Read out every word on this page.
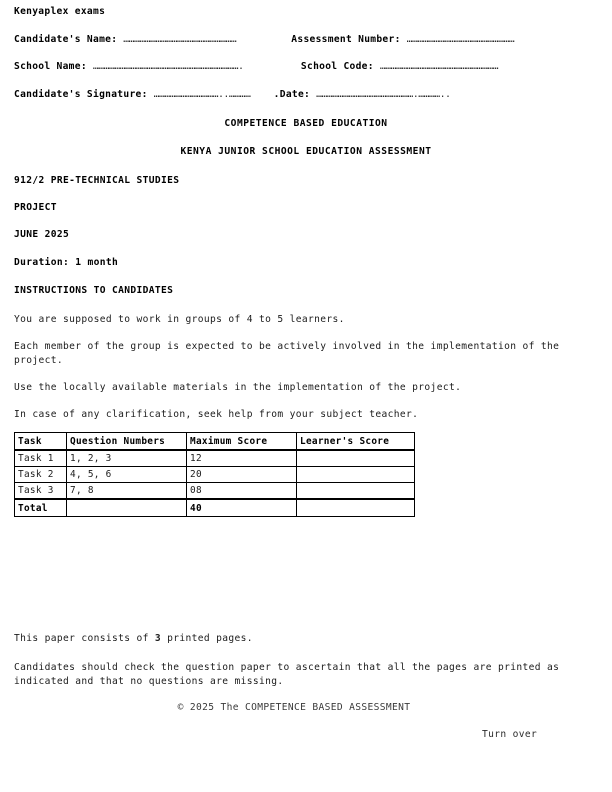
Kenyaplex exams
Candidate's Name: ………………………………………………………	Assessment Number: ……………………………………………………
School Name: ……………………………………………………………………….	School Code: …………………………………………………………
Candidate's Signature: ………………………………..…………	.Date: ……………………………………………….…………..
COMPETENCE BASED EDUCATION
KENYA JUNIOR SCHOOL EDUCATION ASSESSMENT
912/2 PRE-TECHNICAL STUDIES
PROJECT
JUNE 2025
Duration: 1 month
INSTRUCTIONS TO CANDIDATES
You are supposed to work in groups of 4 to 5 learners.
Each member of the group is expected to be actively involved in the implementation of the project.
Use the locally available materials in the implementation of the project.
In case of any clarification, seek help from your subject teacher.
Task	Question Numbers	Maximum Score	Learner's Score
Task 1	1, 2, 3	12	
Task 2	4, 5, 6	20	
Task 3	7, 8	08	
Total		40	
This paper consists of 3 printed pages.
Candidates should check the question paper to ascertain that all the pages are printed as indicated and that no questions are missing.
© 2025 The COMPETENCE BASED ASSESSMENT
Turn over
